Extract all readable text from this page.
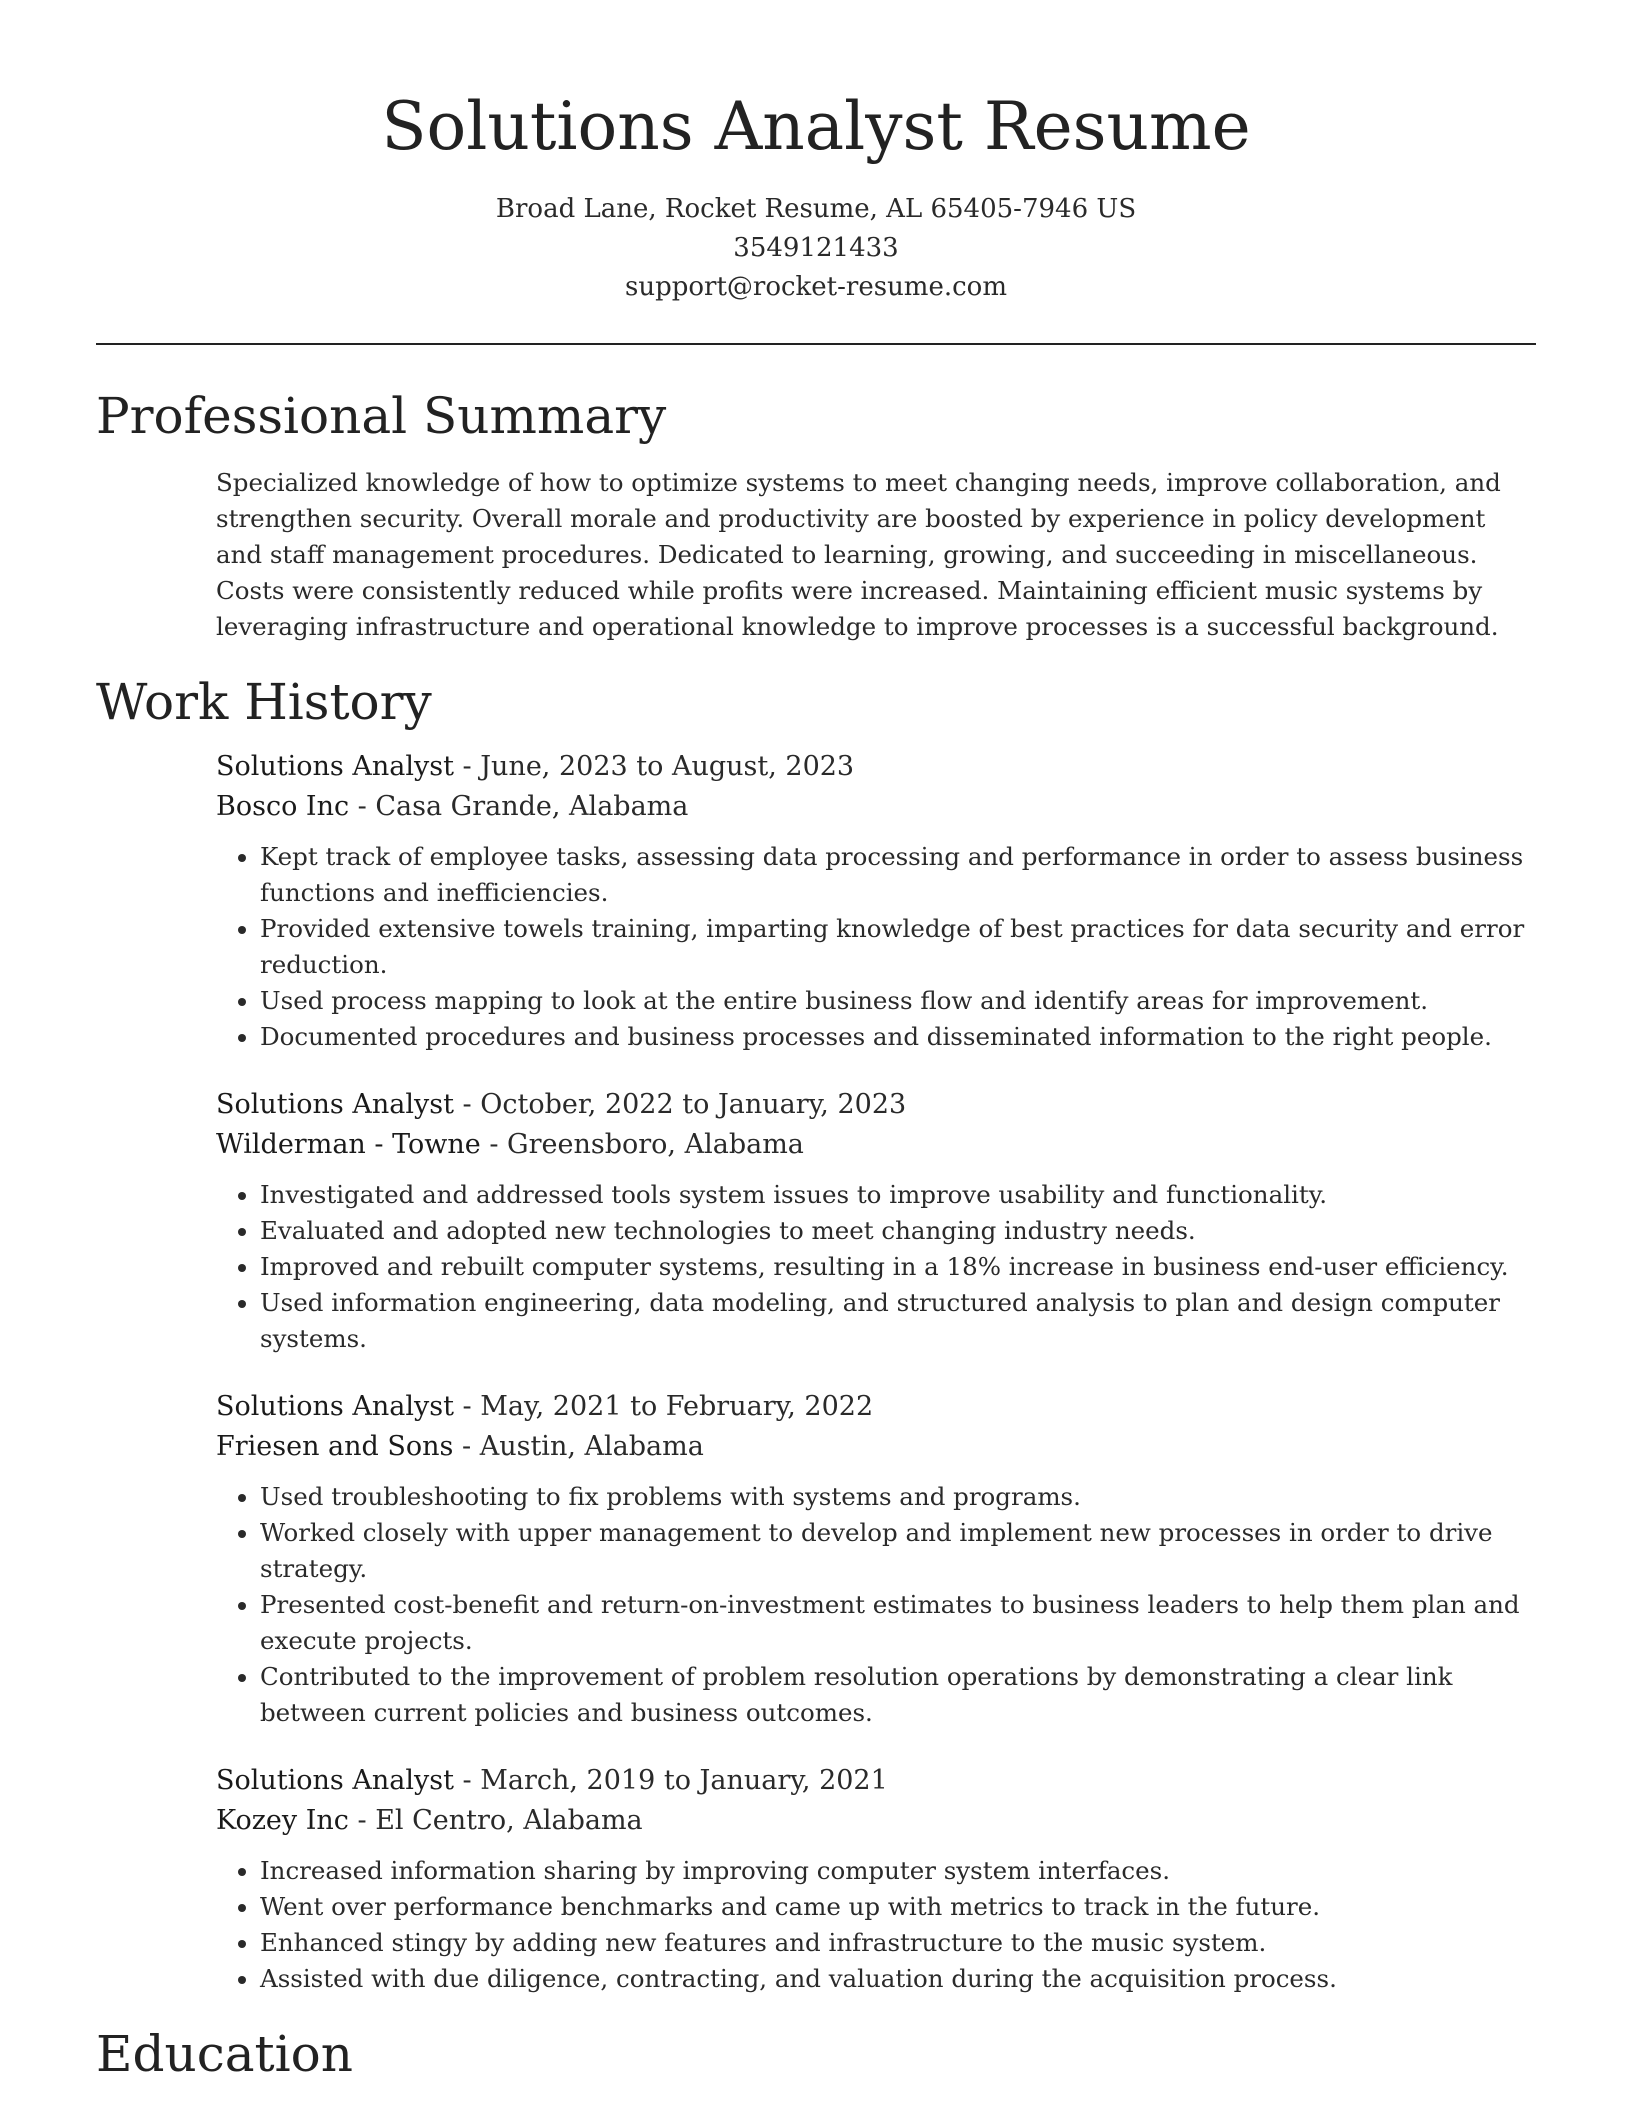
Solutions Analyst Resume
Broad Lane, Rocket Resume, AL 65405-7946 US
3549121433
support@rocket-resume.com
Professional Summary

Specialized knowledge of how to optimize systems to meet changing needs, improve collaboration, and strengthen security. Overall morale and productivity are boosted by experience in policy development and staff management procedures. Dedicated to learning, growing, and succeeding in miscellaneous. Costs were consistently reduced while profits were increased. Maintaining efficient music systems by leveraging infrastructure and operational knowledge to improve processes is a successful background.

Work History
Solutions Analyst - June, 2023 to August, 2023
Bosco Inc - Casa Grande, Alabama
• Kept track of employee tasks, assessing data processing and performance in order to assess business functions and inefficiencies.
• Provided extensive towels training, imparting knowledge of best practices for data security and error reduction.
• Used process mapping to look at the entire business flow and identify areas for improvement.
• Documented procedures and business processes and disseminated information to the right people.
Solutions Analyst - October, 2022 to January, 2023
Wilderman - Towne - Greensboro, Alabama
• Investigated and addressed tools system issues to improve usability and functionality.
• Evaluated and adopted new technologies to meet changing industry needs.
• Improved and rebuilt computer systems, resulting in a 18% increase in business end-user efficiency.
• Used information engineering, data modeling, and structured analysis to plan and design computer systems.
Solutions Analyst - May, 2021 to February, 2022
Friesen and Sons - Austin, Alabama
• Used troubleshooting to fix problems with systems and programs.
• Worked closely with upper management to develop and implement new processes in order to drive strategy.
• Presented cost-benefit and return-on-investment estimates to business leaders to help them plan and execute projects.
• Contributed to the improvement of problem resolution operations by demonstrating a clear link between current policies and business outcomes.
Solutions Analyst - March, 2019 to January, 2021
Kozey Inc - El Centro, Alabama
• Increased information sharing by improving computer system interfaces.
• Went over performance benchmarks and came up with metrics to track in the future.
• Enhanced stingy by adding new features and infrastructure to the music system.
• Assisted with due diligence, contracting, and valuation during the acquisition process.
Education
